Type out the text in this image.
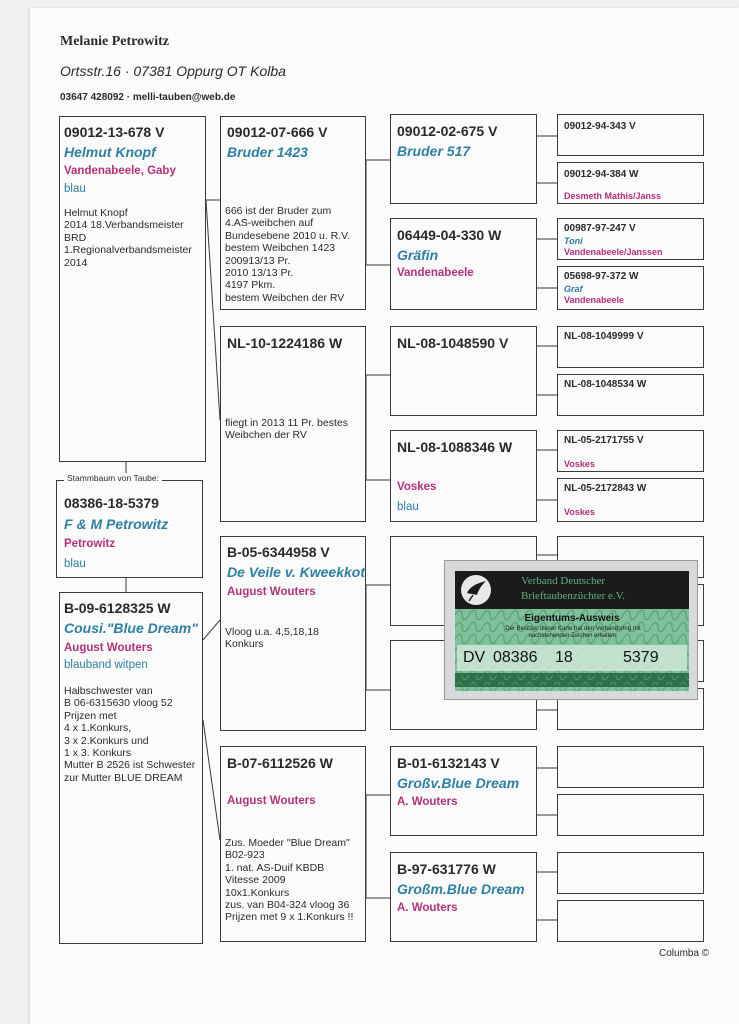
Melanie Petrowitz
Ortsstr.16 · 07381 Oppurg OT Kolba
03647 428092 · melli-tauben@web.de
09012-13-678 V
Helmut Knopf
Vandenabeele, Gaby
blau
Helmut Knopf
2014 18.Verbandsmeister
BRD
1.Regionalverbandsmeister
2014
08386-18-5379
F & M Petrowitz
Petrowitz
blau
Stammbaum von Taube:
B-09-6128325 W
Cousi."Blue Dream"
August Wouters
blauband witpen
Halbschwester van
B 06-6315630 vloog 52
Prijzen met
4 x 1.Konkurs,
3 x 2.Konkurs und
1 x 3. Konkurs
Mutter B 2526 ist Schwester
zur Mutter BLUE DREAM
09012-07-666 V
Bruder 1423
666 ist der Bruder zum
4.AS-weibchen auf
Bundesebene 2010 u. R.V.
bestem Weibchen 1423
200913/13 Pr.
2010 13/13 Pr.
4197 Pkm.
bestem Weibchen der RV
NL-10-1224186 W
fliegt in 2013 11 Pr. bestes
Weibchen der RV
B-05-6344958 V
De Veile v. Kweekkot
August Wouters
Vloog u.a. 4,5,18,18
Konkurs
B-07-6112526 W
August Wouters
Zus. Moeder "Blue Dream"
B02-923
1. nat. AS-Duif KBDB
Vitesse 2009
10x1.Konkurs
zus. van B04-324 vloog 36
Prijzen met 9 x 1.Konkurs !!
09012-02-675 V
Bruder 517
06449-04-330 W
Gräfin
Vandenabeele
NL-08-1048590 V
NL-08-1088346 W
Voskes
blau
B-01-6132143 V
Großv.Blue Dream
A. Wouters
B-97-631776 W
Großm.Blue Dream
A. Wouters
09012-94-343 V
09012-94-384 W
Desmeth Mathis/Janss
00987-97-247 V
Toni
Vandenabeele/Janssen
05698-97-372 W
Graf
Vandenabeele
NL-08-1049999 V
NL-08-1048534 W
NL-05-2171755 V
Voskes
NL-05-2172843 W
Voskes
Verband Deutscher
Brieftaubenzüchter e.V.
Eigentums-Ausweis
Der Besitzer dieser Karte hat den Verbandsring mit nachstehenden Zeichen erhalten:
DV 08386 18	5379
Columba ©
